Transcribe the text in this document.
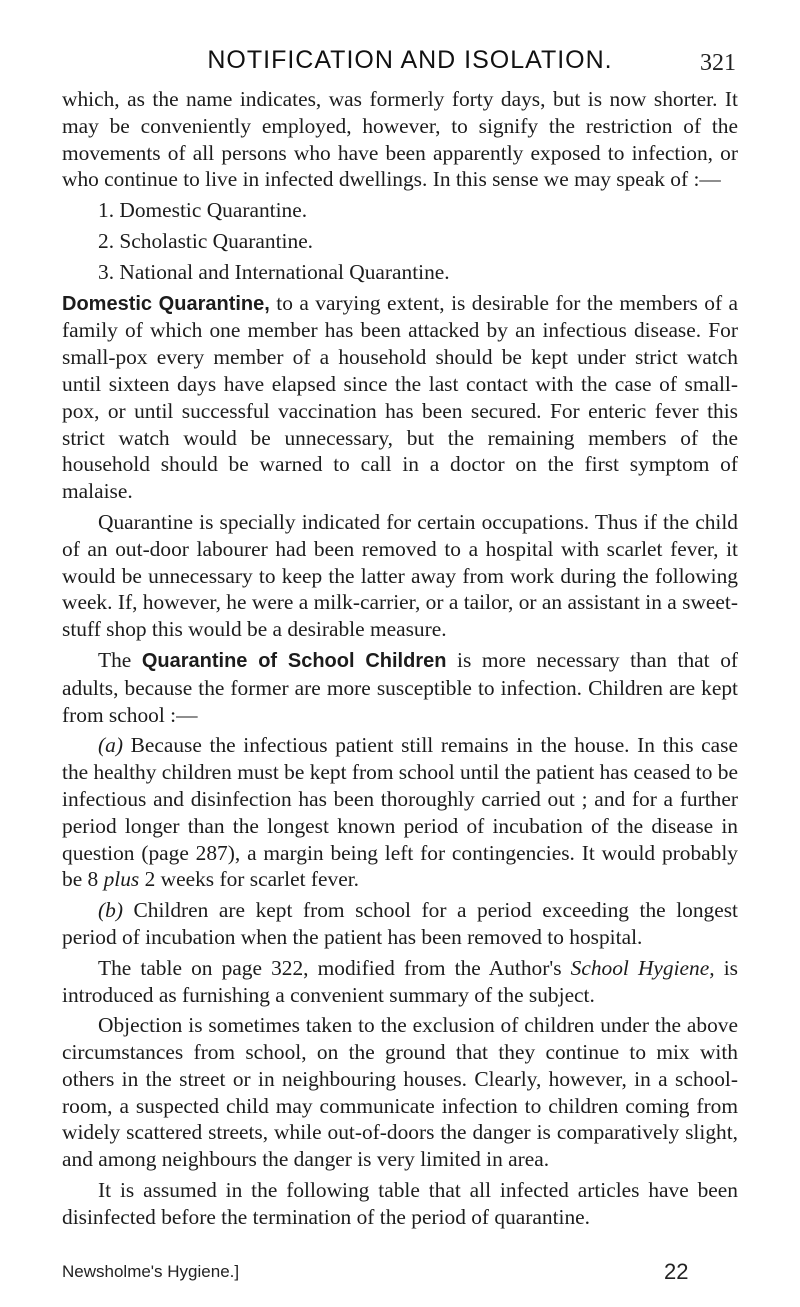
NOTIFICATION AND ISOLATION.	321

which, as the name indicates, was formerly forty days, but is now shorter. It may be conveniently employed, however, to signify the restriction of the movements of all persons who have been apparently exposed to infection, or who continue to live in infected dwellings. In this sense we may speak of :—

1. Domestic Quarantine.

2. Scholastic Quarantine.

3. National and International Quarantine.

Domestic Quarantine, to a varying extent, is desirable for the members of a family of which one member has been attacked by an infectious disease. For small-pox every member of a household should be kept under strict watch until sixteen days have elapsed since the last contact with the case of small-pox, or until successful vaccination has been secured. For enteric fever this strict watch would be unnecessary, but the remaining members of the household should be warned to call in a doctor on the first symptom of malaise.

Quarantine is specially indicated for certain occupations. Thus if the child of an out-door labourer had been removed to a hospital with scarlet fever, it would be unnecessary to keep the latter away from work during the following week. If, however, he were a milk-carrier, or a tailor, or an assistant in a sweet-stuff shop this would be a desirable measure.

The Quarantine of School Children is more necessary than that of adults, because the former are more susceptible to infection. Children are kept from school :—

(a) Because the infectious patient still remains in the house. In this case the healthy children must be kept from school until the patient has ceased to be infectious and disinfection has been thoroughly carried out ; and for a further period longer than the longest known period of incubation of the disease in question (page 287), a margin being left for contingencies. It would probably be 8 plus 2 weeks for scarlet fever.

(b) Children are kept from school for a period exceeding the longest period of incubation when the patient has been removed to hospital.

The table on page 322, modified from the Author's School Hygiene, is introduced as furnishing a convenient summary of the subject.

Objection is sometimes taken to the exclusion of children under the above circumstances from school, on the ground that they continue to mix with others in the street or in neighbouring houses. Clearly, however, in a school-room, a suspected child may communicate infection to children coming from widely scattered streets, while out-of-doors the danger is comparatively slight, and among neighbours the danger is very limited in area.

It is assumed in the following table that all infected articles have been disinfected before the termination of the period of quarantine.

Newsholme's Hygiene.]	22
